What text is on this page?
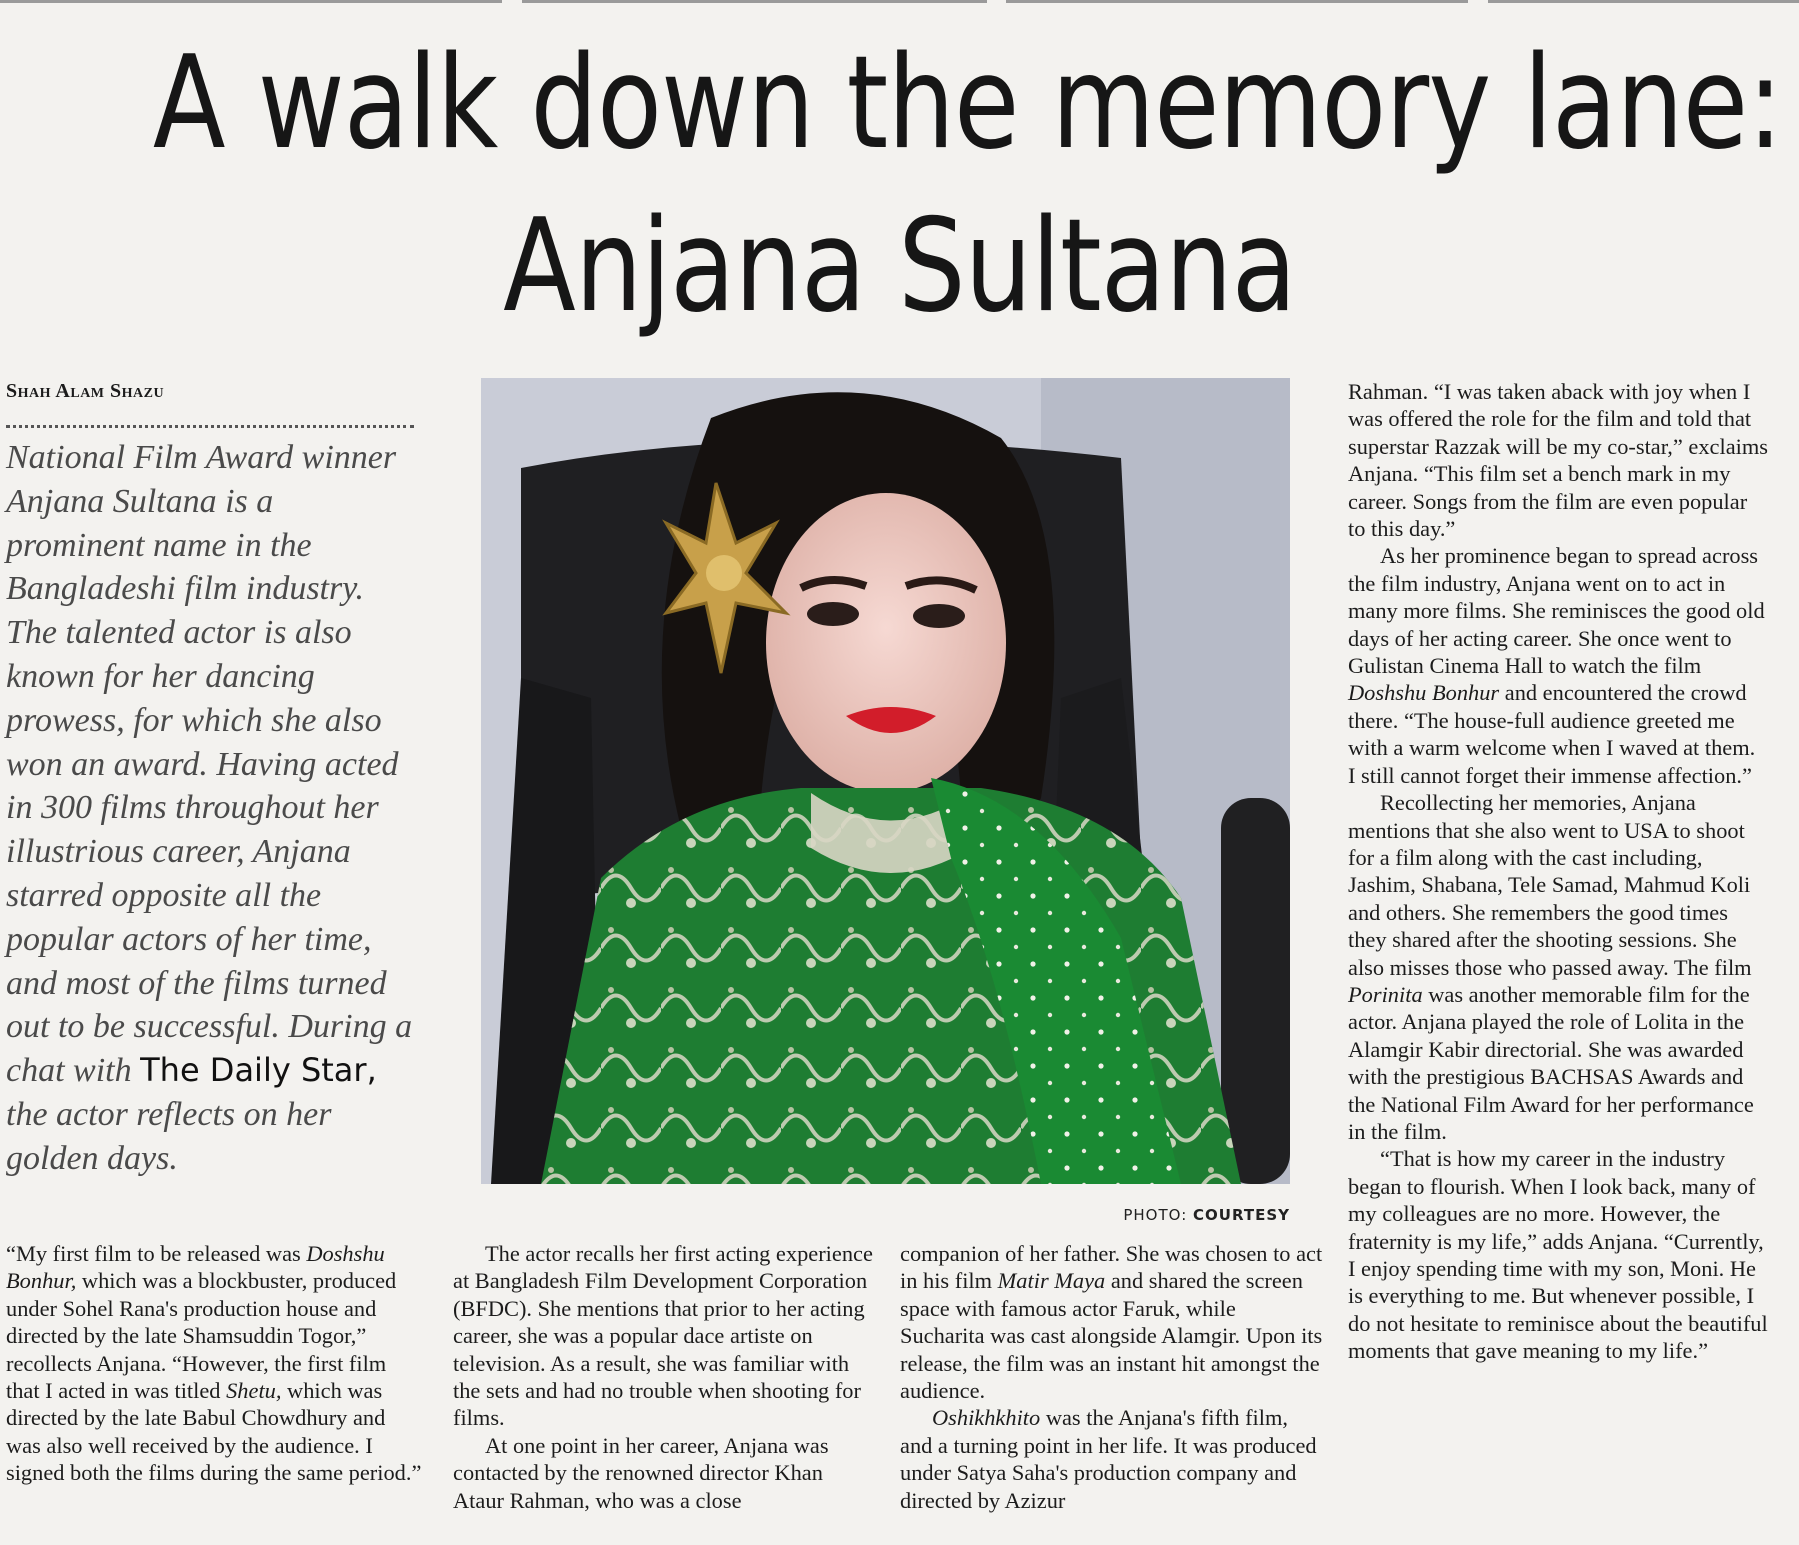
A walk down the memory lane:
Anjana Sultana
Shah Alam Shazu

National Film Award winner Anjana Sultana is a prominent name in the Bangladeshi film industry. The talented actor is also known for her dancing prowess, for which she also won an award. Having acted in 300 films throughout her illustrious career, Anjana starred opposite all the popular actors of her time, and most of the films turned out to be successful. During a chat with The Daily Star, the actor reflects on her golden days.

PHOTO: COURTESY

“My first film to be released was Doshshu Bonhur, which was a blockbuster, produced under Sohel Rana's production house and directed by the late Shamsuddin Togor,” recollects Anjana. “However, the first film that I acted in was titled Shetu, which was directed by the late Babul Chowdhury and was also well received by the audience. I signed both the films during the same period.”

The actor recalls her first acting experience at Bangladesh Film Development Corporation (BFDC). She mentions that prior to her acting career, she was a popular dace artiste on television. As a result, she was familiar with the sets and had no trouble when shooting for films.

At one point in her career, Anjana was contacted by the renowned director Khan Ataur Rahman, who was a close

companion of her father. She was chosen to act in his film Matir Maya and shared the screen space with famous actor Faruk, while Sucharita was cast alongside Alamgir. Upon its release, the film was an instant hit amongst the audience.

Oshikhkhito was the Anjana's fifth film, and a turning point in her life. It was produced under Satya Saha's production company and directed by Azizur

Rahman. “I was taken aback with joy when I was offered the role for the film and told that superstar Razzak will be my co-star,” exclaims Anjana. “This film set a bench mark in my career. Songs from the film are even popular to this day.”

As her prominence began to spread across the film industry, Anjana went on to act in many more films. She reminisces the good old days of her acting career. She once went to Gulistan Cinema Hall to watch the film Doshshu Bonhur and encountered the crowd there. “The house-full audience greeted me with a warm welcome when I waved at them. I still cannot forget their immense affection.”

Recollecting her memories, Anjana mentions that she also went to USA to shoot for a film along with the cast including, Jashim, Shabana, Tele Samad, Mahmud Koli and others. She remembers the good times they shared after the shooting sessions. She also misses those who passed away. The film Porinita was another memorable film for the actor. Anjana played the role of Lolita in the Alamgir Kabir directorial. She was awarded with the prestigious BACHSAS Awards and the National Film Award for her performance in the film.

“That is how my career in the industry began to flourish. When I look back, many of my colleagues are no more. However, the fraternity is my life,” adds Anjana. “Currently, I enjoy spending time with my son, Moni. He is everything to me. But whenever possible, I do not hesitate to reminisce about the beautiful moments that gave meaning to my life.”
